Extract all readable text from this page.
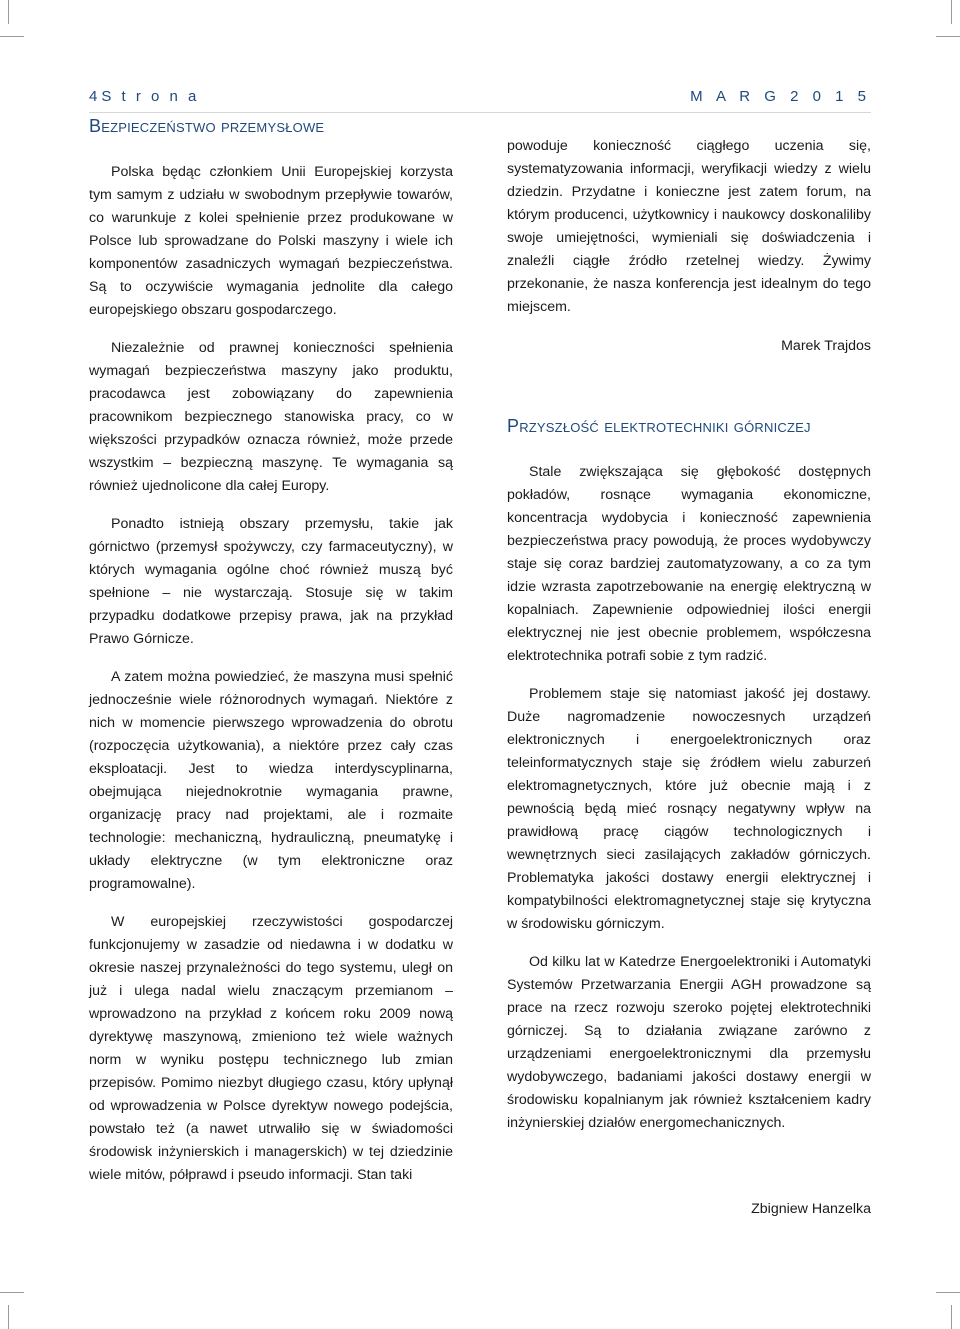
4 S t r o n a	M A R G 2 0 1 5
Bezpieczeństwo przemysłowe

Polska będąc członkiem Unii Europejskiej korzysta tym samym z udziału w swobodnym przepływie towarów, co warunkuje z kolei spełnienie przez produkowane w Polsce lub sprowadzane do Polski maszyny i wiele ich komponentów zasadniczych wymagań bezpieczeństwa. Są to oczywiście wymagania jednolite dla całego europejskiego obszaru gospodarczego.

Niezależnie od prawnej konieczności spełnienia wymagań bezpieczeństwa maszyny jako produktu, pracodawca jest zobowiązany do zapewnienia pracownikom bezpiecznego stanowiska pracy, co w większości przypadków oznacza również, może przede wszystkim – bezpieczną maszynę. Te wymagania są również ujednolicone dla całej Europy.

Ponadto istnieją obszary przemysłu, takie jak górnictwo (przemysł spożywczy, czy farmaceutyczny), w których wymagania ogólne choć również muszą być spełnione – nie wystarczają. Stosuje się w takim przypadku dodatkowe przepisy prawa, jak na przykład Prawo Górnicze.

A zatem można powiedzieć, że maszyna musi spełnić jednocześnie wiele różnorodnych wymagań. Niektóre z nich w momencie pierwszego wprowadzenia do obrotu (rozpoczęcia użytkowania), a niektóre przez cały czas eksploatacji. Jest to wiedza interdyscyplinarna, obejmująca niejednokrotnie wymagania prawne, organizację pracy nad projektami, ale i rozmaite technologie: mechaniczną, hydrauliczną, pneumatykę i układy elektryczne (w tym elektroniczne oraz programowalne).

W europejskiej rzeczywistości gospodarczej funkcjonujemy w zasadzie od niedawna i w dodatku w okresie naszej przynależności do tego systemu, uległ on już i ulega nadal wielu znaczącym przemianom – wprowadzono na przykład z końcem roku 2009 nową dyrektywę maszynową, zmieniono też wiele ważnych norm w wyniku postępu technicznego lub zmian przepisów. Pomimo niezbyt długiego czasu, który upłynął od wprowadzenia w Polsce dyrektyw nowego podejścia, powstało też (a nawet utrwaliło się w świadomości środowisk inżynierskich i managerskich) w tej dziedzinie wiele mitów, półprawd i pseudo informacji. Stan taki

powoduje konieczność ciągłego uczenia się, systematyzowania informacji, weryfikacji wiedzy z wielu dziedzin. Przydatne i konieczne jest zatem forum, na którym producenci, użytkownicy i naukowcy doskonaliliby swoje umiejętności, wymieniali się doświadczenia i znaleźli ciągłe źródło rzetelnej wiedzy. Żywimy przekonanie, że nasza konferencja jest idealnym do tego miejscem.

Marek Trajdos

Przyszłość elektrotechniki górniczej

Stale zwiększająca się głębokość dostępnych pokładów, rosnące wymagania ekonomiczne, koncentracja wydobycia i konieczność zapewnienia bezpieczeństwa pracy powodują, że proces wydobywczy staje się coraz bardziej zautomatyzowany, a co za tym idzie wzrasta zapotrzebowanie na energię elektryczną w kopalniach. Zapewnienie odpowiedniej ilości energii elektrycznej nie jest obecnie problemem, współczesna elektrotechnika potrafi sobie z tym radzić.

Problemem staje się natomiast jakość jej dostawy. Duże nagromadzenie nowoczesnych urządzeń elektronicznych i energoelektronicznych oraz teleinformatycznych staje się źródłem wielu zaburzeń elektromagnetycznych, które już obecnie mają i z pewnością będą mieć rosnący negatywny wpływ na prawidłową pracę ciągów technologicznych i wewnętrznych sieci zasilających zakładów górniczych. Problematyka jakości dostawy energii elektrycznej i kompatybilności elektromagnetycznej staje się krytyczna w środowisku górniczym.

Od kilku lat w Katedrze Energoelektroniki i Automatyki Systemów Przetwarzania Energii AGH prowadzone są prace na rzecz rozwoju szeroko pojętej elektrotechniki górniczej. Są to działania związane zarówno z urządzeniami energoelektronicznymi dla przemysłu wydobywczego, badaniami jakości dostawy energii w środowisku kopalnianym jak również kształceniem kadry inżynierskiej działów energomechanicznych.

Zbigniew Hanzelka
